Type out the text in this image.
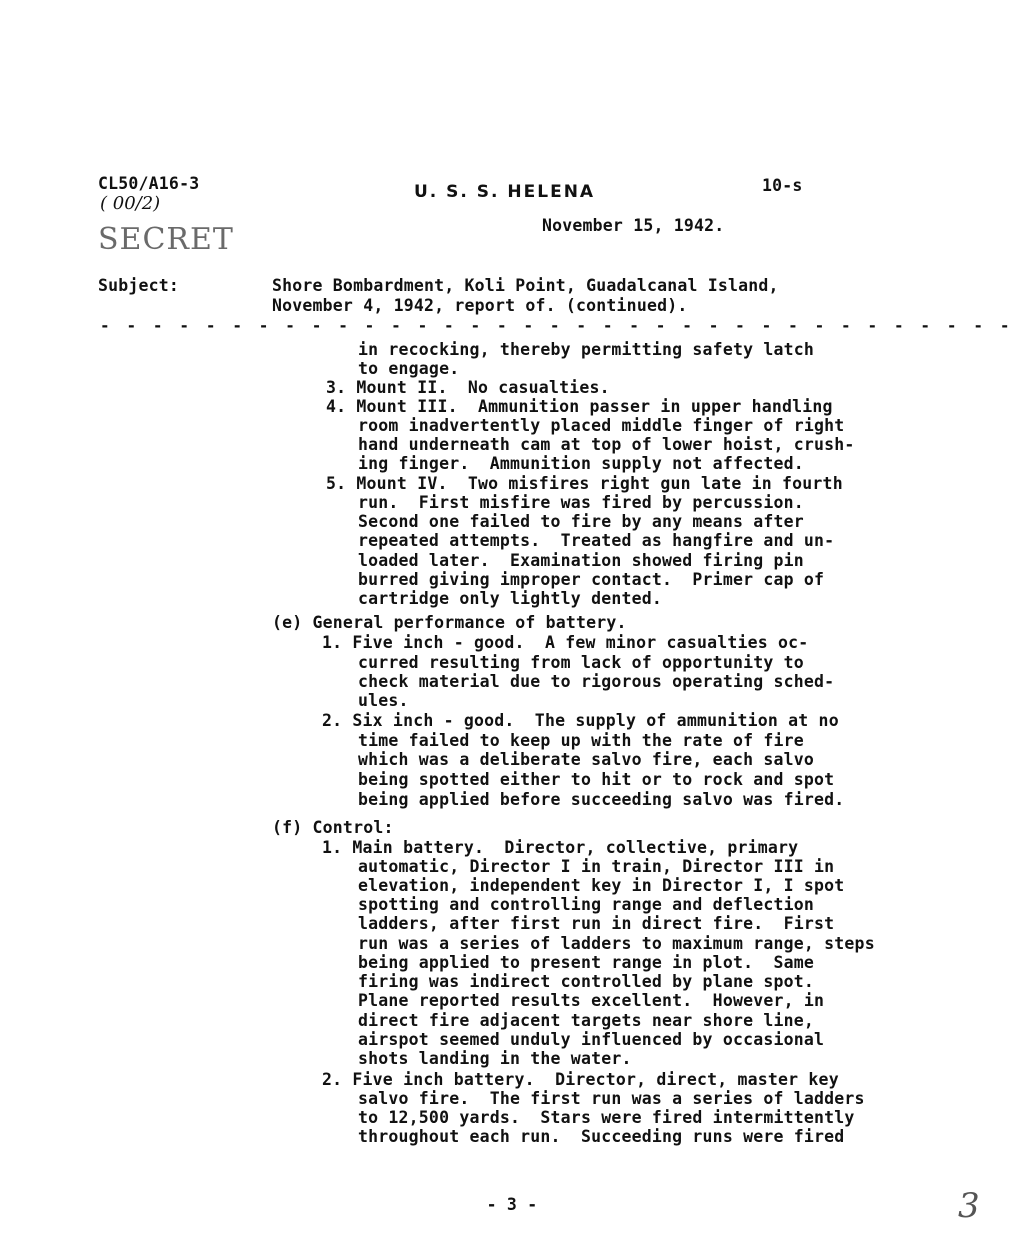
CL50/A16-3
( 00/2)
SECRET
U. S. S. HELENA	10-s
November 15, 1942.
Subject:	Shore Bombardment, Koli Point, Guadalcanal Island,
November 4, 1942, report of. (continued).
- - - - - - - - - - - - - - - - - - - - - - - - - - - - - - - - - - -
in recocking, thereby permitting safety latch
to engage.
3. Mount II.  No casualties.
4. Mount III.  Ammunition passer in upper handling
room inadvertently placed middle finger of right
hand underneath cam at top of lower hoist, crush-
ing finger.  Ammunition supply not affected.
5. Mount IV.  Two misfires right gun late in fourth
run.  First misfire was fired by percussion.
Second one failed to fire by any means after
repeated attempts.  Treated as hangfire and un-
loaded later.  Examination showed firing pin
burred giving improper contact.  Primer cap of
cartridge only lightly dented.
(e) General performance of battery.
1. Five inch - good.  A few minor casualties oc-
curred resulting from lack of opportunity to
check material due to rigorous operating sched-
ules.
2. Six inch - good.  The supply of ammunition at no
time failed to keep up with the rate of fire
which was a deliberate salvo fire, each salvo
being spotted either to hit or to rock and spot
being applied before succeeding salvo was fired.
(f) Control:
1. Main battery.  Director, collective, primary
automatic, Director I in train, Director III in
elevation, independent key in Director I, I spot
spotting and controlling range and deflection
ladders, after first run in direct fire.  First
run was a series of ladders to maximum range, steps
being applied to present range in plot.  Same
firing was indirect controlled by plane spot.
Plane reported results excellent.  However, in
direct fire adjacent targets near shore line,
airspot seemed unduly influenced by occasional
shots landing in the water.
2. Five inch battery.  Director, direct, master key
salvo fire.  The first run was a series of ladders
to 12,500 yards.  Stars were fired intermittently
throughout each run.  Succeeding runs were fired
- 3 -	3
